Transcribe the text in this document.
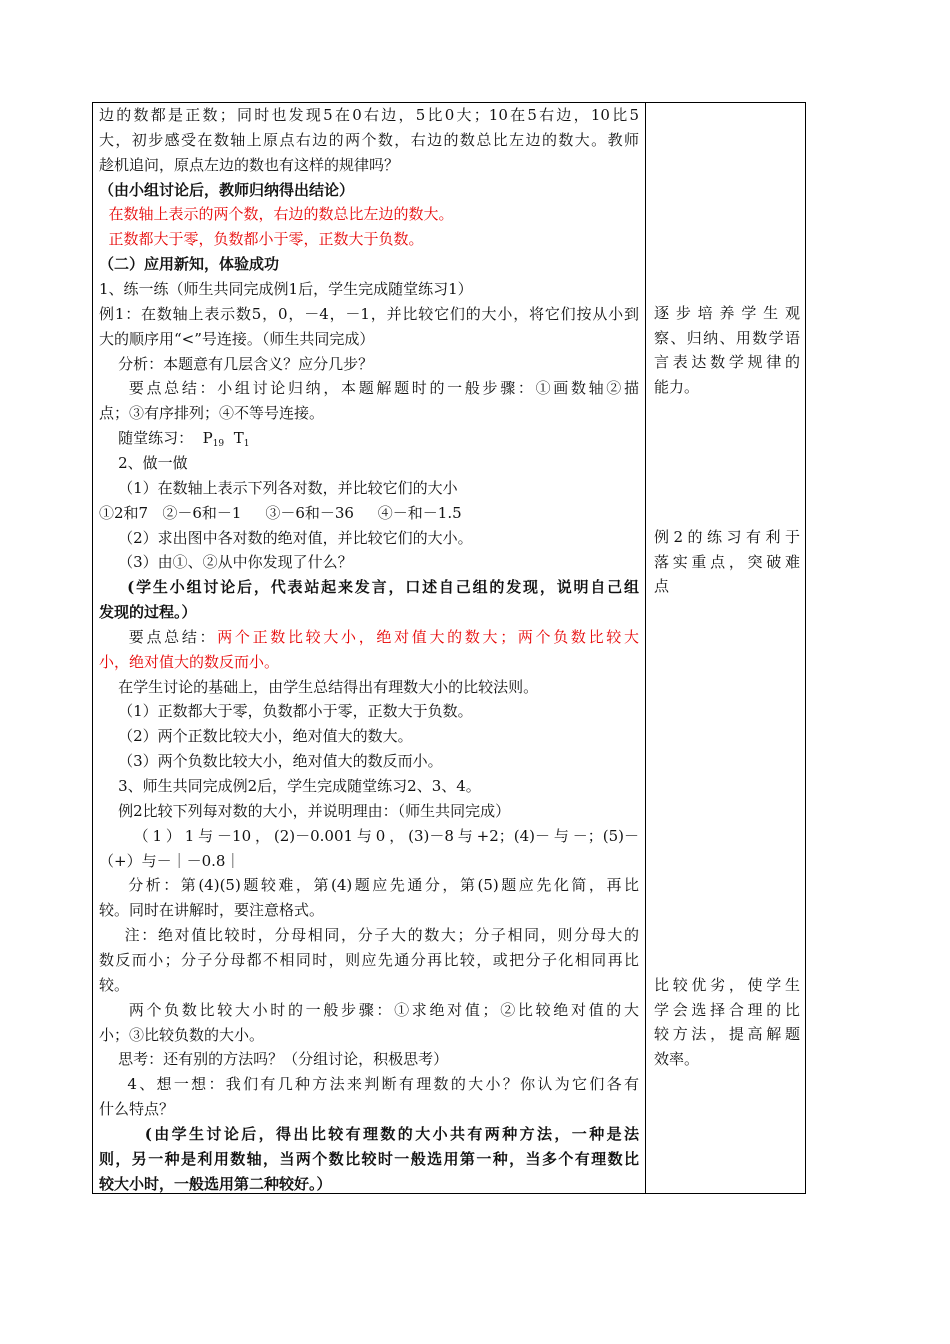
边的数都是正数；同时也发现5在0右边，5比0大；10在5右边，10比5
大，初步感受在数轴上原点右边的两个数，右边的数总比左边的数大。教师
趁机追问，原点左边的数也有这样的规律吗？
（由小组讨论后，教师归纳得出结论）
在数轴上表示的两个数，右边的数总比左边的数大。
正数都大于零，负数都小于零，正数大于负数。
（二）应用新知，体验成功
1、练一练（师生共同完成例1后，学生完成随堂练习1）
例1：在数轴上表示数5，0，－4，－1，并比较它们的大小，将它们按从小到
大的顺序用“<”号连接。（师生共同完成）
分析：本题意有几层含义？应分几步？
要点总结：小组讨论归纳，本题解题时的一般步骤：①画数轴②描
点；③有序排列；④不等号连接。
随堂练习：  $P_{19}$  $T_1$
2、做一做
（1）在数轴上表示下列各对数，并比较它们的大小
①2和7   ②－6和－1     ③－6和－36     ④－和－1.5
（2）求出图中各对数的绝对值，并比较它们的大小。
（3）由①、②从中你发现了什么？
(学生小组讨论后，代表站起来发言，口述自己组的发现，说明自己组
发现的过程。）
要点总结：两个正数比较大小，绝对值大的数大；两个负数比较大
小，绝对值大的数反而小。
在学生讨论的基础上，由学生总结得出有理数大小的比较法则。
（1）正数都大于零，负数都小于零，正数大于负数。
（2）两个正数比较大小，绝对值大的数大。
（3）两个负数比较大小，绝对值大的数反而小。
3、师生共同完成例2后，学生完成随堂练习2、3、4。
例2比较下列每对数的大小，并说明理由：（师生共同完成）
（1）1与－10，(2)－0.001与0，(3)－8与+2；(4)－与－；(5)－
（+）与－｜－0.8｜
分析：第(4)(5)题较难，第(4)题应先通分，第(5)题应先化简，再比
较。同时在讲解时，要注意格式。
注：绝对值比较时，分母相同，分子大的数大；分子相同，则分母大的
数反而小；分子分母都不相同时，则应先通分再比较，或把分子化相同再比
较。
两个负数比较大小时的一般步骤：①求绝对值；②比较绝对值的大
小；③比较负数的大小。
思考：还有别的方法吗？（分组讨论，积极思考）
4、想一想：我们有几种方法来判断有理数的大小？你认为它们各有
什么特点？
(由学生讨论后，得出比较有理数的大小共有两种方法，一种是法
则，另一种是利用数轴，当两个数比较时一般选用第一种，当多个有理数比
较大小时，一般选用第二种较好。）
逐步培养学生观
察、归纳、用数学语
言表达数学规律的
能力。
例2的练习有利于
落实重点，突破难
点
比较优劣，使学生
学会选择合理的比
较方法，提高解题
效率。
